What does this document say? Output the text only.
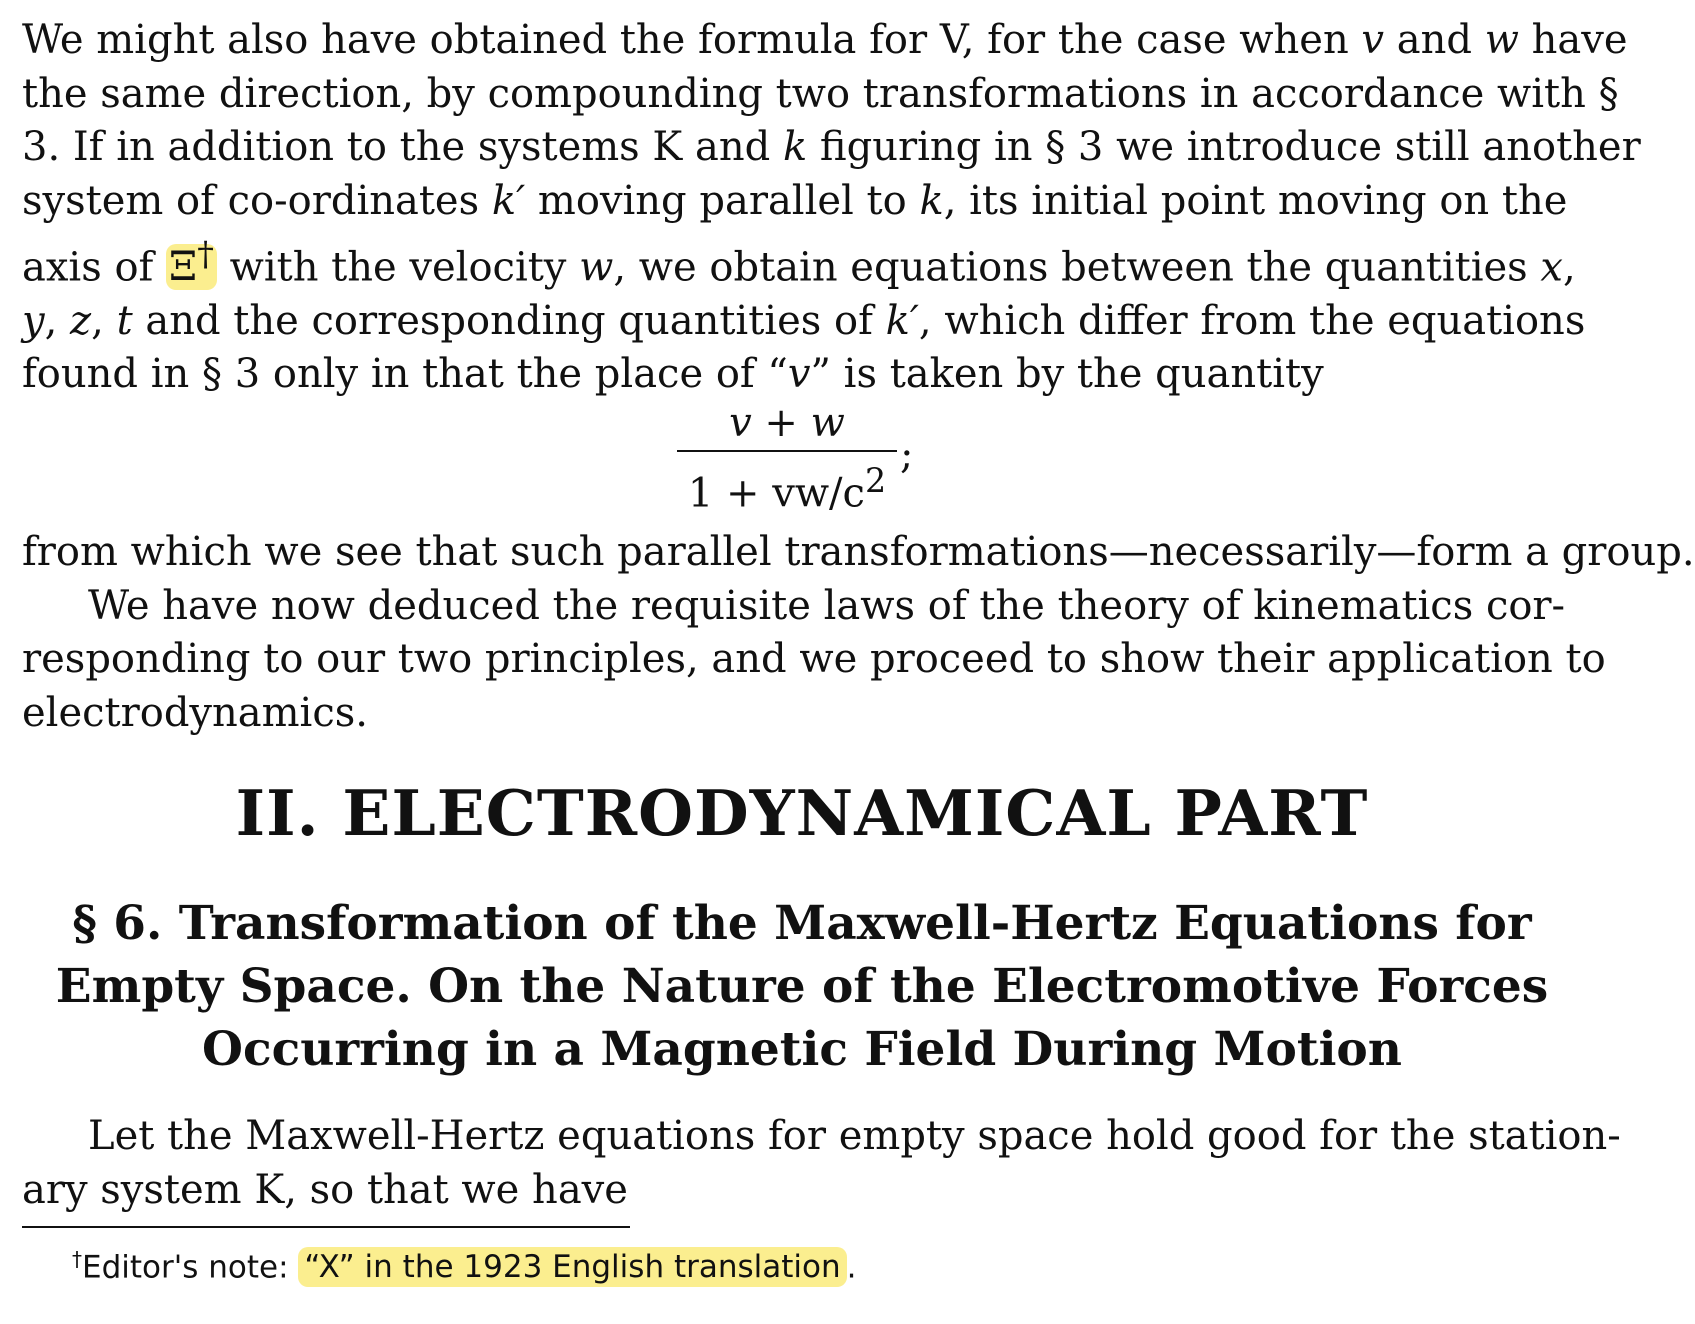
We might also have obtained the formula for V, for the case when v and w have
the same direction, by compounding two transformations in accordance with §
3. If in addition to the systems K and k figuring in § 3 we introduce still another
system of co-ordinates k′ moving parallel to k, its initial point moving on the
axis of Ξ† with the velocity w, we obtain equations between the quantities x,
y, z, t and the corresponding quantities of k′, which differ from the equations
found in § 3 only in that the place of “v” is taken by the quantity

v + w
$1 + vw/c^2$
;

from which we see that such parallel transformations—necessarily—form a group.
We have now deduced the requisite laws of the theory of kinematics cor-
responding to our two principles, and we proceed to show their application to
electrodynamics.

II. ELECTRODYNAMICAL PART
§ 6. Transformation of the Maxwell-Hertz Equations for
Empty Space. On the Nature of the Electromotive Forces
Occurring in a Magnetic Field During Motion

Let the Maxwell-Hertz equations for empty space hold good for the station-
ary system K, so that we have

†Editor's note: “X” in the 1923 English translation .
